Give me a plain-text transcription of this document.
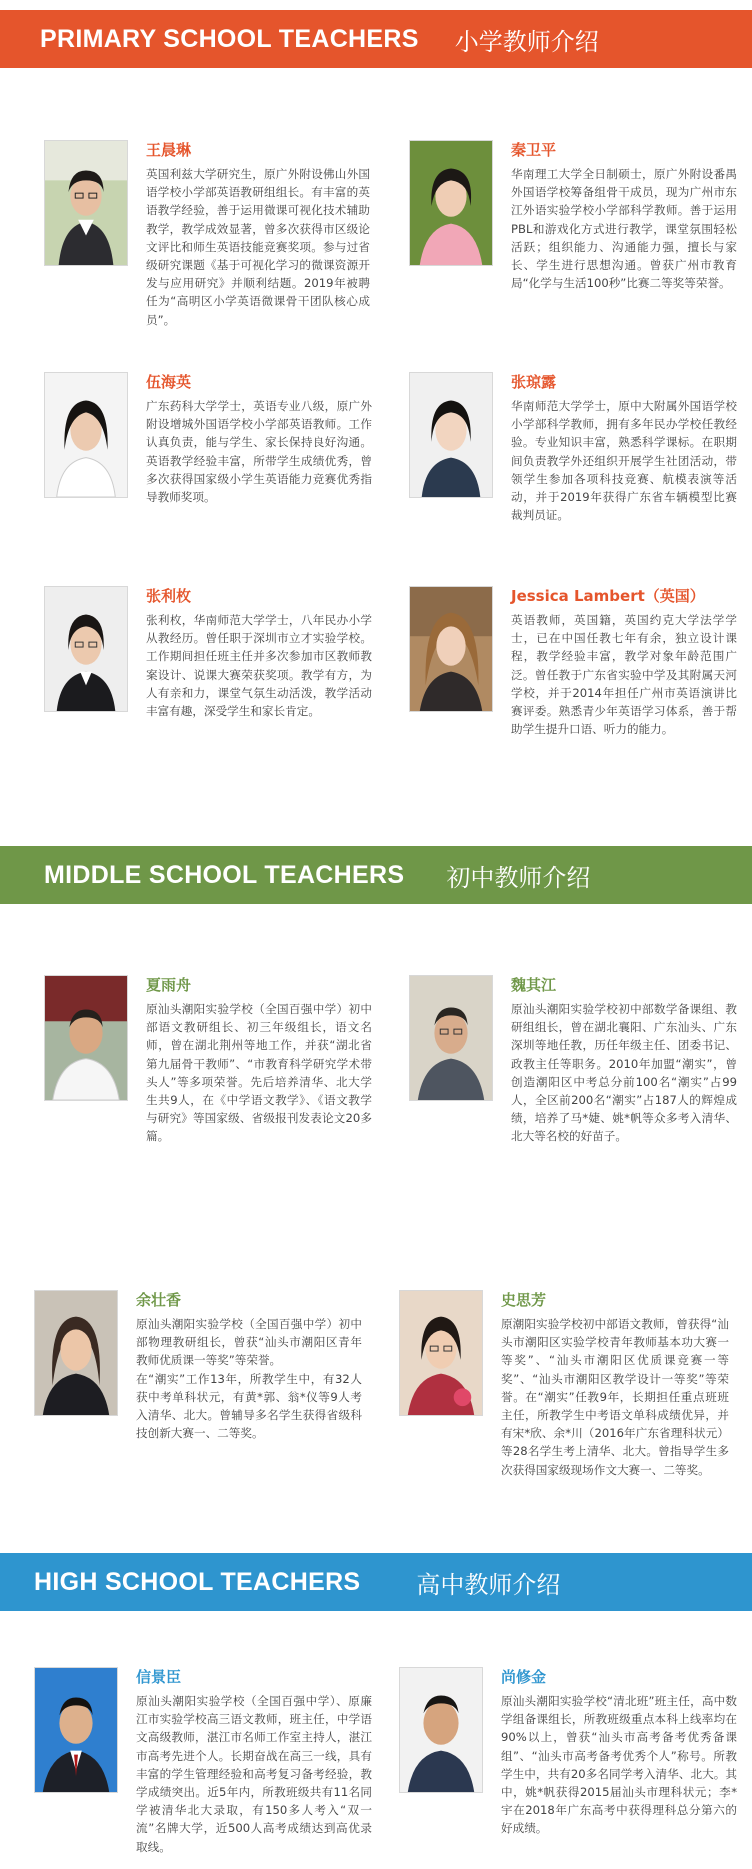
PRIMARY SCHOOL TEACHERS 小学教师介绍
王晨琳
英国利兹大学研究生，原广外附设佛山外国语学校小学部英语教研组组长。有丰富的英语教学经验，善于运用微课可视化技术辅助教学，教学成效显著，曾多次获得市区级论文评比和师生英语技能竞赛奖项。参与过省级研究课题《基于可视化学习的微课资源开发与应用研究》并顺利结题。2019年被聘任为“高明区小学英语微课骨干团队核心成员”。
秦卫平
华南理工大学全日制硕士，原广外附设番禺外国语学校筹备组骨干成员，现为广州市东江外语实验学校小学部科学教师。善于运用PBL和游戏化方式进行教学，课堂氛围轻松活跃；组织能力、沟通能力强，擅长与家长、学生进行思想沟通。曾获广州市教育局“化学与生活100秒”比赛二等奖等荣誉。
伍海英
广东药科大学学士，英语专业八级，原广外附设增城外国语学校小学部英语教师。工作认真负责，能与学生、家长保持良好沟通。英语教学经验丰富，所带学生成绩优秀，曾多次获得国家级小学生英语能力竞赛优秀指导教师奖项。
张琼露
华南师范大学学士，原中大附属外国语学校小学部科学教师，拥有多年民办学校任教经验。专业知识丰富，熟悉科学课标。在职期间负责教学外还组织开展学生社团活动，带领学生参加各项科技竞赛、航模表演等活动，并于2019年获得广东省车辆模型比赛裁判员证。
张利枚
张利枚，华南师范大学学士，八年民办小学从教经历。曾任职于深圳市立才实验学校。工作期间担任班主任并多次参加市区教师教案设计、说课大赛荣获奖项。教学有方，为人有亲和力，课堂气氛生动活泼，教学活动丰富有趣，深受学生和家长肯定。
Jessica Lambert（英国）
英语教师，英国籍，英国约克大学法学学士，已在中国任教七年有余，独立设计课程，教学经验丰富，教学对象年龄范围广泛。曾任教于广东省实验中学及其附属天河学校，并于2014年担任广州市英语演讲比赛评委。熟悉青少年英语学习体系，善于帮助学生提升口语、听力的能力。
MIDDLE SCHOOL TEACHERS 初中教师介绍
夏雨舟
原汕头潮阳实验学校（全国百强中学）初中部语文教研组长、初三年级组长，语文名师，曾在湖北荆州等地工作，并获“湖北省第九届骨干教师”、“市教育科学研究学术带头人”等多项荣誉。先后培养清华、北大学生共9人，在《中学语文教学》、《语文教学与研究》等国家级、省级报刊发表论文20多篇。
魏其江
原汕头潮阳实验学校初中部数学备课组、教研组组长，曾在湖北襄阳、广东汕头、广东深圳等地任教，历任年级主任、团委书记、政教主任等职务。2010年加盟“潮实”，曾创造潮阳区中考总分前100名“潮实”占99人，全区前200名“潮实”占187人的辉煌成绩，培养了马*婕、姚*帆等众多考入清华、北大等名校的好苗子。
余壮香
原汕头潮阳实验学校（全国百强中学）初中部物理教研组长，曾获“汕头市潮阳区青年教师优质课一等奖”等荣誉。
在“潮实”工作13年，所教学生中，有32人获中考单科状元，有黄*郭、翁*仪等9人考入清华、北大。曾辅导多名学生获得省级科技创新大赛一、二等奖。
史思芳
原潮阳实验学校初中部语文教师，曾获得“汕头市潮阳区实验学校青年教师基本功大赛一等奖”、“汕头市潮阳区优质课竞赛一等奖”、“汕头市潮阳区教学设计一等奖”等荣誉。在“潮实”任教9年，长期担任重点班班主任，所教学生中考语文单科成绩优异，并有宋*欣、余*川（2016年广东省理科状元）等28名学生考上清华、北大。曾指导学生多次获得国家级现场作文大赛一、二等奖。
HIGH SCHOOL TEACHERS 高中教师介绍
信景臣
原汕头潮阳实验学校（全国百强中学）、原廉江市实验学校高三语文教师，班主任，中学语文高级教师，湛江市名师工作室主持人，湛江市高考先进个人。长期奋战在高三一线，具有丰富的学生管理经验和高考复习备考经验，教学成绩突出。近5年内，所教班级共有11名同学被清华北大录取，有150多人考入“双一流”名牌大学，近500人高考成绩达到高优录取线。
尚修金
原汕头潮阳实验学校“清北班”班主任，高中数学组备课组长，所教班级重点本科上线率均在90%以上，曾获“汕头市高考备考优秀备课组”、“汕头市高考备考优秀个人”称号。所教学生中，共有20多名同学考入清华、北大。其中，姚*帆获得2015届汕头市理科状元；李*宇在2018年广东高考中获得理科总分第六的好成绩。
